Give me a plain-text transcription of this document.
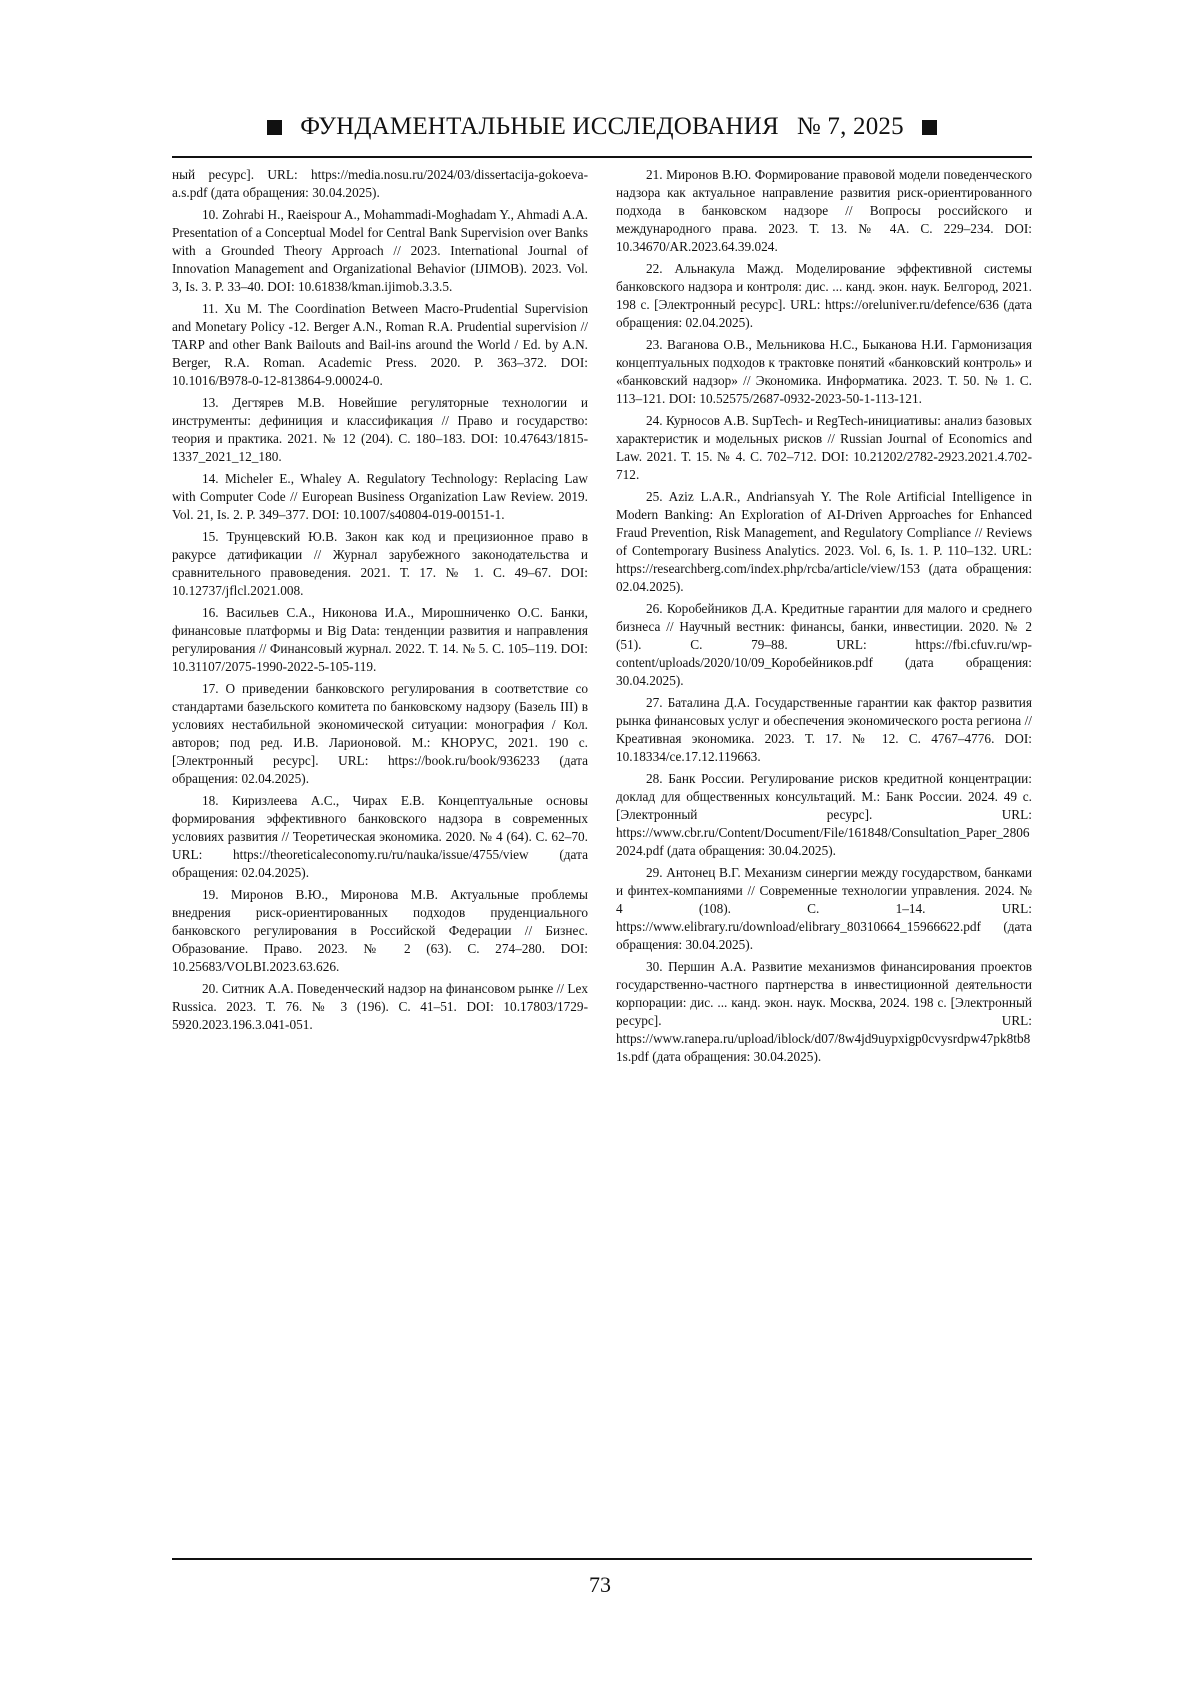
ФУНДАМЕНТАЛЬНЫЕ ИССЛЕДОВАНИЯ № 7, 2025

ный ресурс]. URL: https://media.nosu.ru/2024/03/dissertacija-gokoeva-a.s.pdf (дата обращения: 30.04.2025).

10. Zohrabi H., Raeispour A., Mohammadi-Moghadam Y., Ahmadi A.A. Presentation of a Conceptual Model for Central Bank Supervision over Banks with a Grounded Theory Approach // 2023. International Journal of Innovation Management and Organizational Behavior (IJIMOB). 2023. Vol. 3, Is. 3. P. 33–40. DOI: 10.61838/kman.ijimob.3.3.5.

11. Xu M. The Coordination Between Macro-Prudential Supervision and Monetary Policy -12. Berger A.N., Roman R.A. Prudential supervision // TARP and other Bank Bailouts and Bail-ins around the World / Ed. by A.N. Berger, R.A. Roman. Academic Press. 2020. P. 363–372. DOI: 10.1016/B978-0-12-813864-9.00024-0.

13. Дегтярев М.В. Новейшие регуляторные технологии и инструменты: дефиниция и классификация // Право и государство: теория и практика. 2021. № 12 (204). С. 180–183. DOI: 10.47643/1815-1337_2021_12_180.

14. Micheler E., Whaley A. Regulatory Technology: Replacing Law with Computer Code // European Business Organization Law Review. 2019. Vol. 21, Is. 2. P. 349–377. DOI: 10.1007/s40804-019-00151-1.

15. Трунцевский Ю.В. Закон как код и прецизионное право в ракурсе датификации // Журнал зарубежного законодательства и сравнительного правоведения. 2021. Т. 17. № 1. С. 49–67. DOI: 10.12737/jflcl.2021.008.

16. Васильев С.А., Никонова И.А., Мирошниченко О.С. Банки, финансовые платформы и Big Data: тенденции развития и направления регулирования // Финансовый журнал. 2022. Т. 14. № 5. С. 105–119. DOI: 10.31107/2075-1990-2022-5-105-119.

17. О приведении банковского регулирования в соответствие со стандартами базельского комитета по банковскому надзору (Базель III) в условиях нестабильной экономической ситуации: монография / Кол. авторов; под ред. И.В. Ларионовой. М.: КНОРУС, 2021. 190 с. [Электронный ресурс]. URL: https://book.ru/book/936233 (дата обращения: 02.04.2025).

18. Киризлеева А.С., Чирах Е.В. Концептуальные основы формирования эффективного банковского надзора в современных условиях развития // Теоретическая экономика. 2020. № 4 (64). С. 62–70. URL: https://theoreticaleconomy.ru/ru/nauka/issue/4755/view (дата обращения: 02.04.2025).

19. Миронов В.Ю., Миронова М.В. Актуальные проблемы внедрения риск-ориентированных подходов пруденциального банковского регулирования в Российской Федерации // Бизнес. Образование. Право. 2023. № 2 (63). С. 274–280. DOI: 10.25683/VOLBI.2023.63.626.

20. Ситник А.А. Поведенческий надзор на финансовом рынке // Lex Russica. 2023. Т. 76. № 3 (196). С. 41–51. DOI: 10.17803/1729-5920.2023.196.3.041-051.

21. Миронов В.Ю. Формирование правовой модели поведенческого надзора как актуальное направление развития риск-ориентированного подхода в банковском надзоре // Вопросы российского и международного права. 2023. Т. 13. № 4А. С. 229–234. DOI: 10.34670/AR.2023.64.39.024.

22. Альнакула Мажд. Моделирование эффективной системы банковского надзора и контроля: дис. ... канд. экон. наук. Белгород, 2021. 198 с. [Электронный ресурс]. URL: https://oreluniver.ru/defence/636 (дата обращения: 02.04.2025).

23. Ваганова О.В., Мельникова Н.С., Быканова Н.И. Гармонизация концептуальных подходов к трактовке понятий «банковский контроль» и «банковский надзор» // Экономика. Информатика. 2023. Т. 50. № 1. С. 113–121. DOI: 10.52575/2687-0932-2023-50-1-113-121.

24. Курносов А.В. SupTech- и RegTech-инициативы: анализ базовых характеристик и модельных рисков // Russian Journal of Economics and Law. 2021. Т. 15. № 4. С. 702–712. DOI: 10.21202/2782-2923.2021.4.702-712.

25. Aziz L.A.R., Andriansyah Y. The Role Artificial Intelligence in Modern Banking: An Exploration of AI-Driven Approaches for Enhanced Fraud Prevention, Risk Management, and Regulatory Compliance // Reviews of Contemporary Business Analytics. 2023. Vol. 6, Is. 1. P. 110–132. URL: https://researchberg.com/index.php/rcba/article/view/153 (дата обращения: 02.04.2025).

26. Коробейников Д.А. Кредитные гарантии для малого и среднего бизнеса // Научный вестник: финансы, банки, инвестиции. 2020. № 2 (51). С. 79–88. URL: https://fbi.cfuv.ru/wp-content/uploads/2020/10/09_Коробейников.pdf (дата обращения: 30.04.2025).

27. Баталина Д.А. Государственные гарантии как фактор развития рынка финансовых услуг и обеспечения экономического роста региона // Креативная экономика. 2023. Т. 17. № 12. С. 4767–4776. DOI: 10.18334/ce.17.12.119663.

28. Банк России. Регулирование рисков кредитной концентрации: доклад для общественных консультаций. М.: Банк России. 2024. 49 с. [Электронный ресурс]. URL: https://www.cbr.ru/Content/Document/File/161848/Consultation_Paper_28062024.pdf (дата обращения: 30.04.2025).

29. Антонец В.Г. Механизм синергии между государством, банками и финтех-компаниями // Современные технологии управления. 2024. № 4 (108). С. 1–14. URL: https://www.elibrary.ru/download/elibrary_80310664_15966622.pdf (дата обращения: 30.04.2025).

30. Першин А.А. Развитие механизмов финансирования проектов государственно-частного партнерства в инвестиционной деятельности корпорации: дис. ... канд. экон. наук. Москва, 2024. 198 с. [Электронный ресурс]. URL: https://www.ranepa.ru/upload/iblock/d07/8w4jd9uypxigp0cvysrdpw47pk8tb81s.pdf (дата обращения: 30.04.2025).

73
